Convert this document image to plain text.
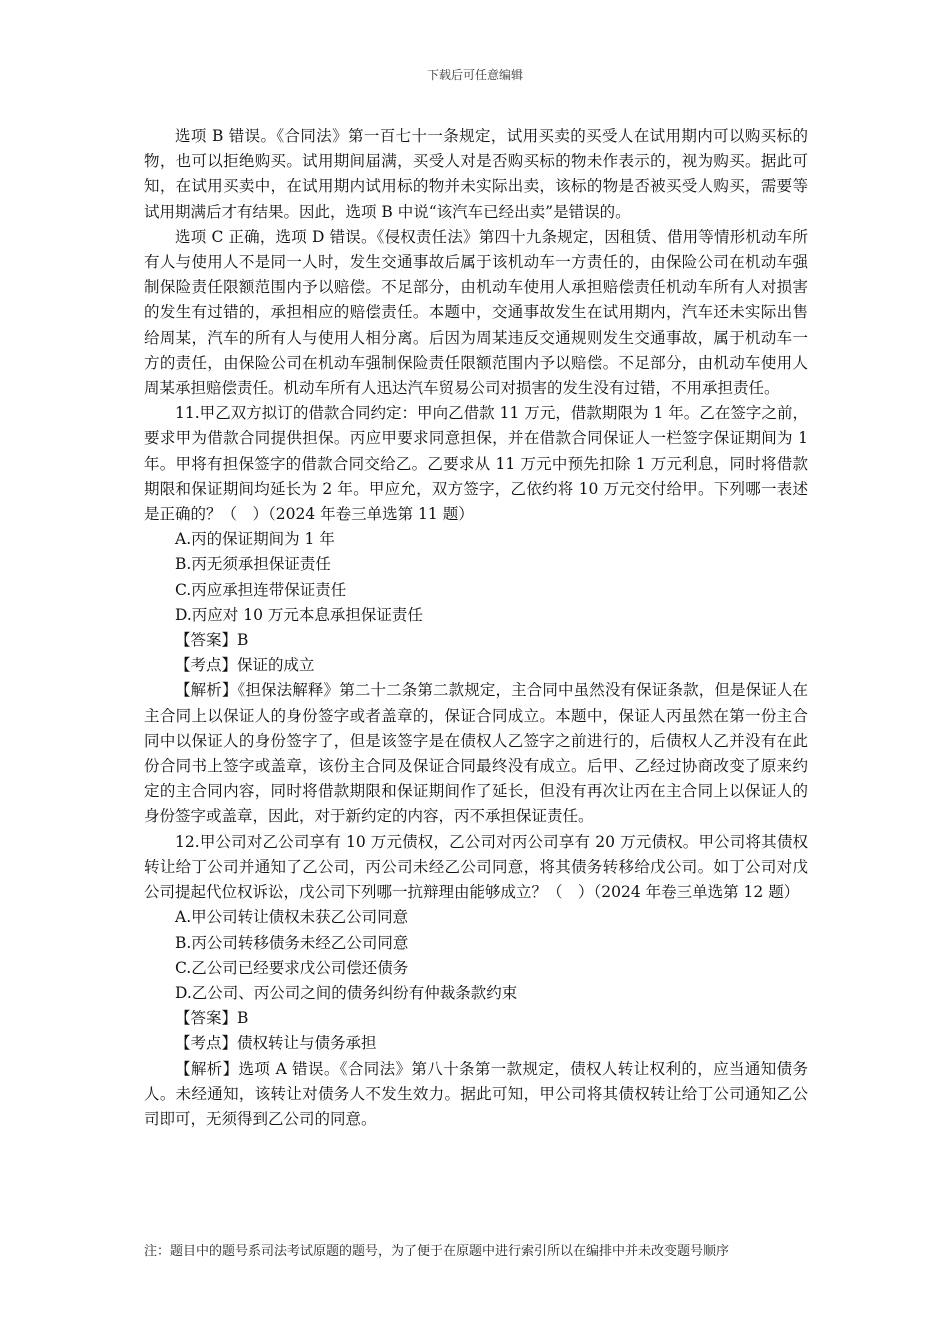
下载后可任意编辑

选项 B 错误。《合同法》第一百七十一条规定，试用买卖的买受人在试用期内可以购买标的物，也可以拒绝购买。试用期间届满，买受人对是否购买标的物未作表示的，视为购买。据此可知，在试用买卖中，在试用期内试用标的物并未实际出卖，该标的物是否被买受人购买，需要等试用期满后才有结果。因此，选项 B 中说“该汽车已经出卖”是错误的。

选项 C 正确，选项 D 错误。《侵权责任法》第四十九条规定，因租赁、借用等情形机动车所有人与使用人不是同一人时，发生交通事故后属于该机动车一方责任的，由保险公司在机动车强制保险责任限额范围内予以赔偿。不足部分，由机动车使用人承担赔偿责任机动车所有人对损害的发生有过错的，承担相应的赔偿责任。本题中，交通事故发生在试用期内，汽车还未实际出售给周某，汽车的所有人与使用人相分离。后因为周某违反交通规则发生交通事故，属于机动车一方的责任，由保险公司在机动车强制保险责任限额范围内予以赔偿。不足部分，由机动车使用人周某承担赔偿责任。机动车所有人迅达汽车贸易公司对损害的发生没有过错，不用承担责任。

11.甲乙双方拟订的借款合同约定：甲向乙借款 11 万元，借款期限为 1 年。乙在签字之前，要求甲为借款合同提供担保。丙应甲要求同意担保，并在借款合同保证人一栏签字保证期间为 1 年。甲将有担保签字的借款合同交给乙。乙要求从 11 万元中预先扣除 1 万元利息，同时将借款期限和保证期间均延长为 2 年。甲应允，双方签字，乙依约将 10 万元交付给甲。下列哪一表述是正确的？（　）（2024 年卷三单选第 11 题）

A.丙的保证期间为 1 年

B.丙无须承担保证责任

C.丙应承担连带保证责任

D.丙应对 10 万元本息承担保证责任

【答案】B

【考点】保证的成立

【解析】《担保法解释》第二十二条第二款规定，主合同中虽然没有保证条款，但是保证人在主合同上以保证人的身份签字或者盖章的，保证合同成立。本题中，保证人丙虽然在第一份主合同中以保证人的身份签字了，但是该签字是在债权人乙签字之前进行的，后债权人乙并没有在此份合同书上签字或盖章，该份主合同及保证合同最终没有成立。后甲、乙经过协商改变了原来约定的主合同内容，同时将借款期限和保证期间作了延长，但没有再次让丙在主合同上以保证人的身份签字或盖章，因此，对于新约定的内容，丙不承担保证责任。

12.甲公司对乙公司享有 10 万元债权，乙公司对丙公司享有 20 万元债权。甲公司将其债权转让给丁公司并通知了乙公司，丙公司未经乙公司同意，将其债务转移给戊公司。如丁公司对戊公司提起代位权诉讼，戊公司下列哪一抗辩理由能够成立？（　）（2024 年卷三单选第 12 题）

A.甲公司转让债权未获乙公司同意

B.丙公司转移债务未经乙公司同意

C.乙公司已经要求戊公司偿还债务

D.乙公司、丙公司之间的债务纠纷有仲裁条款约束

【答案】B

【考点】债权转让与债务承担

【解析】选项 A 错误。《合同法》第八十条第一款规定，债权人转让权利的，应当通知债务人。未经通知，该转让对债务人不发生效力。据此可知，甲公司将其债权转让给丁公司通知乙公司即可，无须得到乙公司的同意。

注：题目中的题号系司法考试原题的题号，为了便于在原题中进行索引所以在编排中并未改变题号顺序
